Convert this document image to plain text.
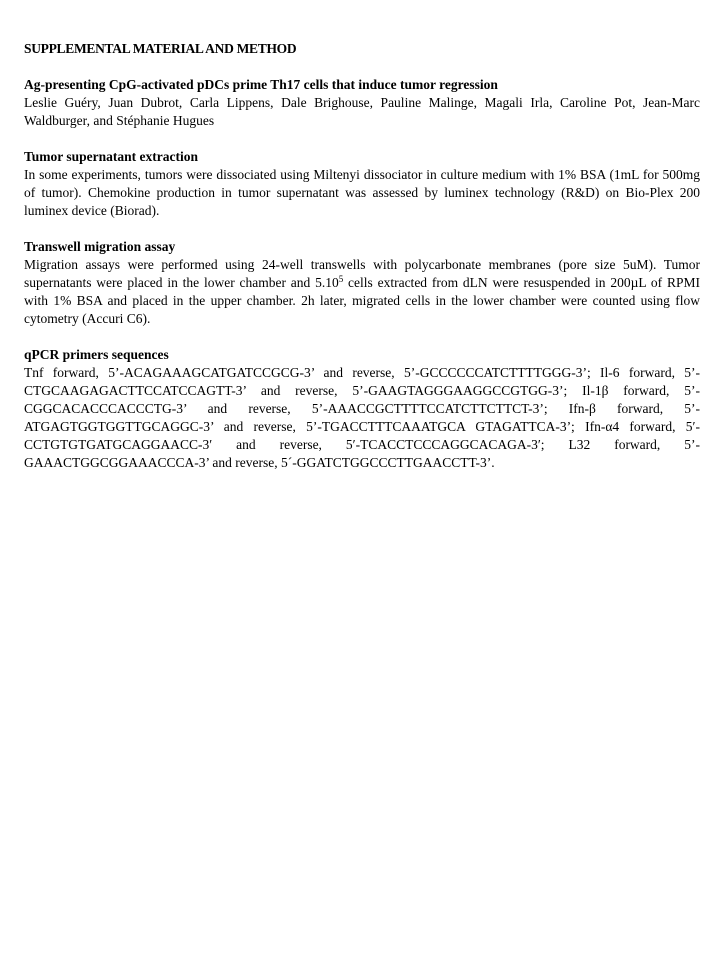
SUPPLEMENTAL MATERIAL AND METHOD

Ag-presenting CpG-activated pDCs prime Th17 cells that induce tumor regression

Leslie Guéry, Juan Dubrot, Carla Lippens, Dale Brighouse, Pauline Malinge, Magali Irla, Caroline Pot, Jean-Marc Waldburger, and Stéphanie Hugues

Tumor supernatant extraction

In some experiments, tumors were dissociated using Miltenyi dissociator in culture medium with 1% BSA (1mL for 500mg of tumor). Chemokine production in tumor supernatant was assessed by luminex technology (R&D) on Bio-Plex 200 luminex device (Biorad).

Transwell migration assay

Migration assays were performed using 24-well transwells with polycarbonate membranes (pore size 5uM). Tumor supernatants were placed in the lower chamber and 5.10$^5$ cells extracted from dLN were resuspended in 200µL of RPMI with 1% BSA and placed in the upper chamber. 2h later, migrated cells in the lower chamber were counted using flow cytometry (Accuri C6).

qPCR primers sequences

Tnf forward, 5’-ACAGAAAGCATGATCCGCG-3’ and reverse, 5’-GCCCCCCATCTTTTGGG-3’; Il-6 forward, 5’-CTGCAAGAGACTTCCATCCAGTT-3’ and reverse, 5’-GAAGTAGGGAAGGCCGTGG-3’; Il-1β forward, 5’-CGGCACACCCACCCTG-3’ and reverse, 5’-AAACCGCTTTTCCATCTTCTTCT-3’; Ifn-β forward, 5’-ATGAGTGGTGGTTGCAGGC-3’ and reverse, 5’-TGACCTTTCAAATGCA GTAGATTCA-3’; Ifn-α4 forward, 5′-CCTGTGTGATGCAGGAACC-3′ and reverse, 5′-TCACCTCCCAGGCACAGA-3′; L32 forward, 5’-GAAACTGGCGGAAACCCA-3’ and reverse, 5´-GGATCTGGCCCTTGAACCTT-3’.
